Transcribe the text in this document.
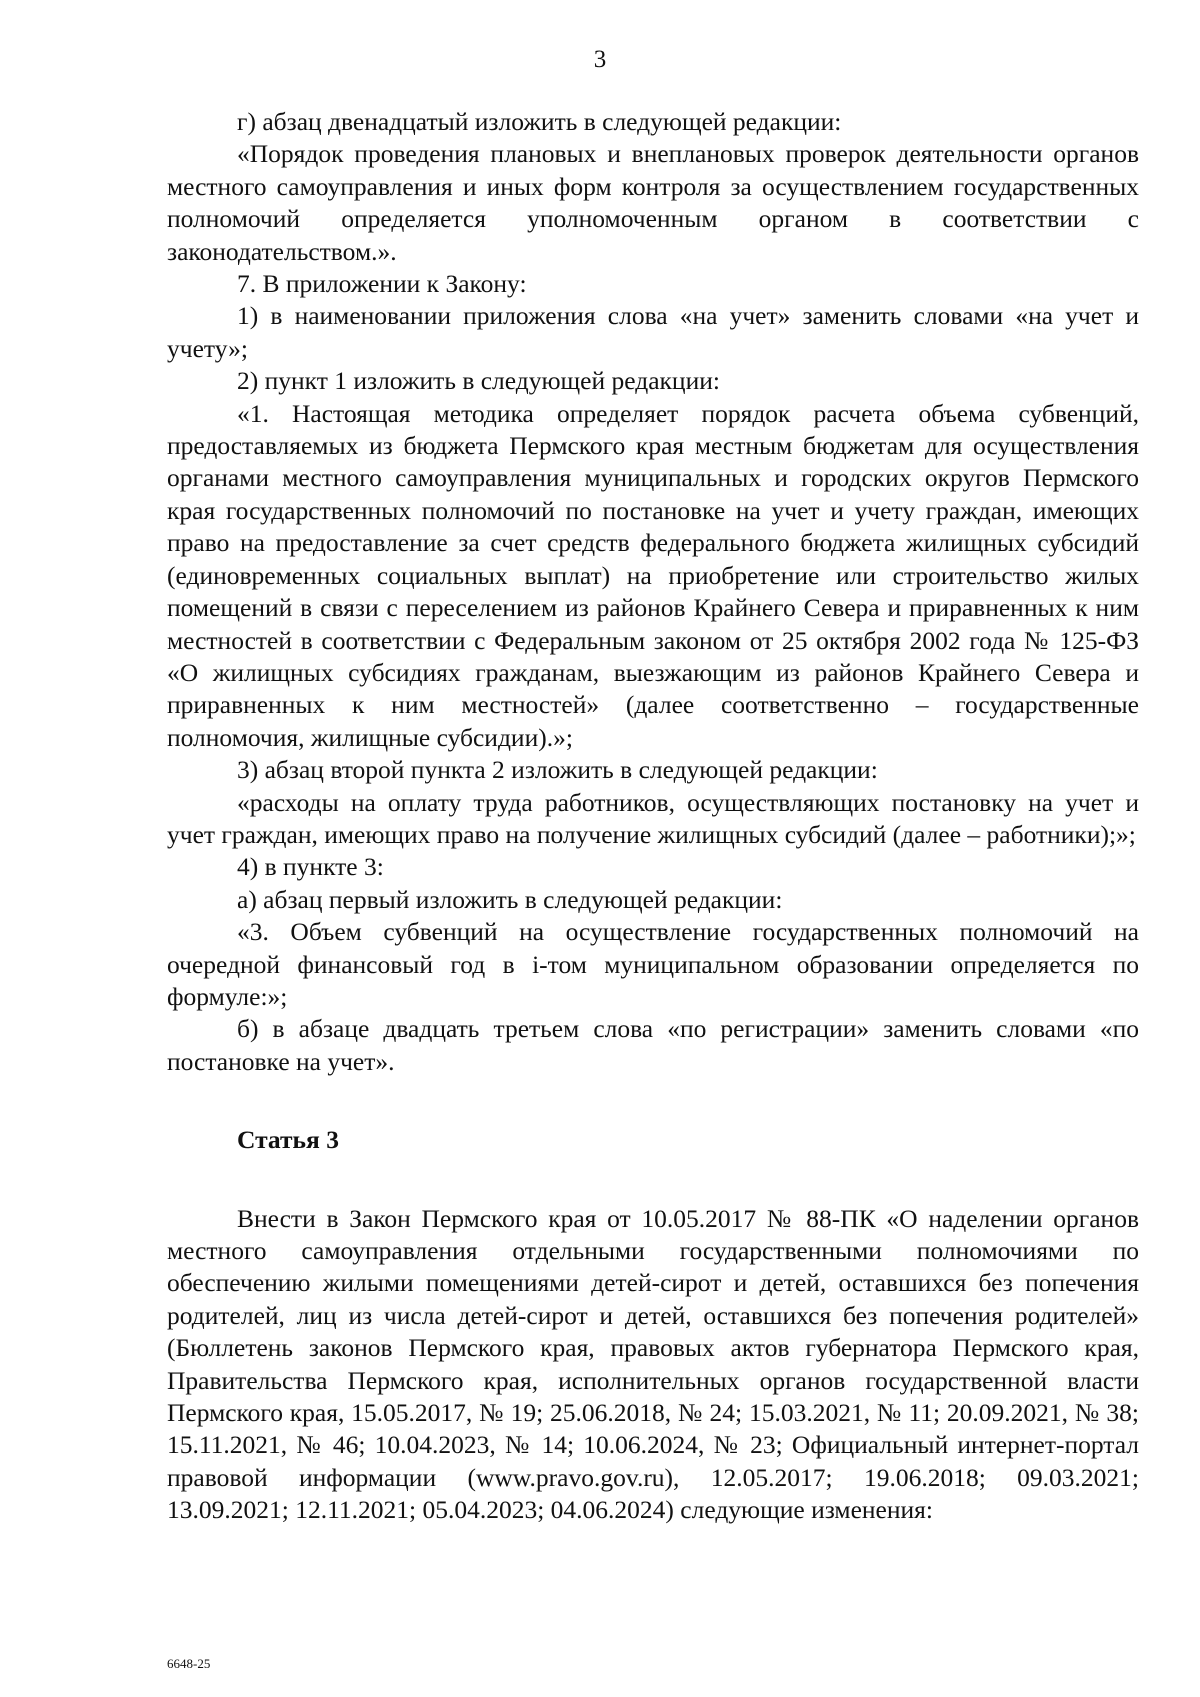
3

г) абзац двенадцатый изложить в следующей редакции:

«Порядок проведения плановых и внеплановых проверок деятельности органов местного самоуправления и иных форм контроля за осуществлением государственных полномочий определяется уполномоченным органом в соответствии с законодательством.».

7. В приложении к Закону:

1) в наименовании приложения слова «на учет» заменить словами «на учет и учету»;

2) пункт 1 изложить в следующей редакции:

«1. Настоящая методика определяет порядок расчета объема субвенций, предоставляемых из бюджета Пермского края местным бюджетам для осуществления органами местного самоуправления муниципальных и городских округов Пермского края государственных полномочий по постановке на учет и учету граждан, имеющих право на предоставление за счет средств федерального бюджета жилищных субсидий (единовременных социальных выплат) на приобретение или строительство жилых помещений в связи с переселением из районов Крайнего Севера и приравненных к ним местностей в соответствии с Федеральным законом от 25 октября 2002 года № 125-ФЗ «О жилищных субсидиях гражданам, выезжающим из районов Крайнего Севера и приравненных к ним местностей» (далее соответственно – государственные полномочия, жилищные субсидии).»;

3) абзац второй пункта 2 изложить в следующей редакции:

«расходы на оплату труда работников, осуществляющих постановку на учет и учет граждан, имеющих право на получение жилищных субсидий (далее – работники);»;

4) в пункте 3:

а) абзац первый изложить в следующей редакции:

«3. Объем субвенций на осуществление государственных полномочий на очередной финансовый год в i-том муниципальном образовании определяется по формуле:»;

б) в абзаце двадцать третьем слова «по регистрации» заменить словами «по постановке на учет».

Статья 3

Внести в Закон Пермского края от 10.05.2017 № 88-ПК «О наделении органов местного самоуправления отдельными государственными полномочиями по обеспечению жилыми помещениями детей-сирот и детей, оставшихся без попечения родителей, лиц из числа детей-сирот и детей, оставшихся без попечения родителей» (Бюллетень законов Пермского края, правовых актов губернатора Пермского края, Правительства Пермского края, исполнительных органов государственной власти Пермского края, 15.05.2017, № 19; 25.06.2018, № 24; 15.03.2021, № 11; 20.09.2021, № 38; 15.11.2021, № 46; 10.04.2023, № 14; 10.06.2024, № 23; Официальный интернет-портал правовой информации (www.pravo.gov.ru), 12.05.2017; 19.06.2018; 09.03.2021; 13.09.2021; 12.11.2021; 05.04.2023; 04.06.2024) следующие изменения:

6648-25
